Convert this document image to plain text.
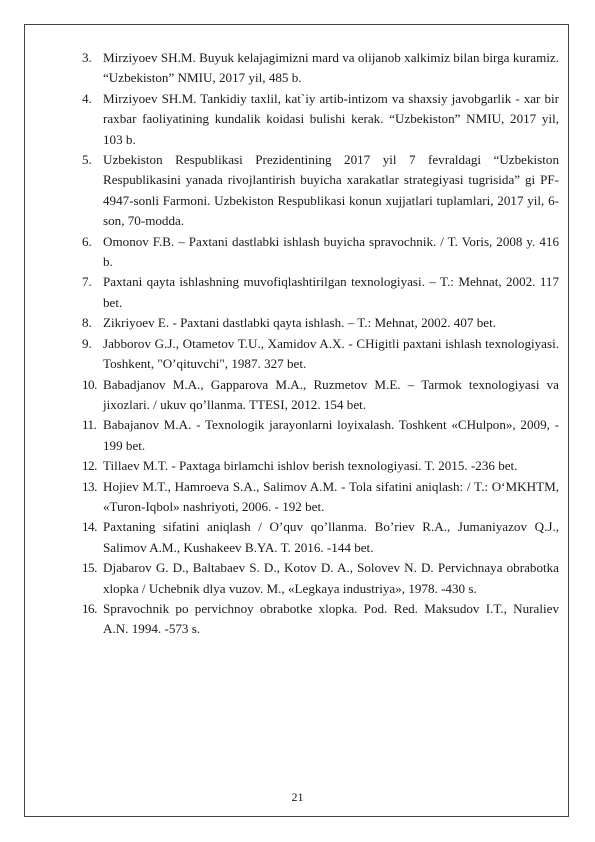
3. Mirziyoev SH.M. Buyuk kelajagimizni mard va olijanob xalkimiz bilan birga kuramiz. “Uzbekiston” NMIU, 2017 yil, 485 b.
4. Mirziyoev SH.M. Tankidiy taxlil, kat`iy artib-intizom va shaxsiy javobgarlik - xar bir raxbar faoliyatining kundalik koidasi bulishi kerak. “Uzbekiston” NMIU, 2017 yil, 103 b.
5. Uzbekiston Respublikasi Prezidentining 2017 yil 7 fevraldagi “Uzbekiston Respublikasini yanada rivojlantirish buyicha xarakatlar strategiyasi tugrisida” gi PF-4947-sonli Farmoni. Uzbekiston Respublikasi konun xujjatlari tuplamlari, 2017 yil, 6-son, 70-modda.
6. Omonov F.B. – Paxtani dastlabki ishlash buyicha spravochnik. / T. Voris, 2008 y. 416 b.
7. Paxtani qayta ishlashning muvofiqlashtirilgan texnologiyasi. – T.: Mehnat, 2002. 117 bet.
8. Zikriyoev E. - Paxtani dastlabki qayta ishlash. – T.: Mehnat, 2002. 407 bet.
9. Jabborov G.J., Otametov T.U., Xamidov A.X. - CHigitli paxtani ishlash texnologiyasi. Toshkent, "O’qituvchi", 1987. 327 bet.
10. Babadjanov M.A., Gapparova M.A., Ruzmetov M.E. – Tarmok texnologiyasi va jixozlari. / ukuv qo’llanma. TTESI, 2012. 154 bet.
11. Babajanov M.A. - Texnologik jarayonlarni loyixalash. Toshkent «CHulpon», 2009, - 199 bet.
12. Tillaev M.T. - Paxtaga birlamchi ishlov berish texnologiyasi. T. 2015. -236 bet.
13. Hojiev M.T., Hamroeva S.A., Salimov A.M. - Tola sifatini aniqlash: / T.: O‘MKHTM, «Turon-Iqbol» nashriyoti, 2006. - 192 bet.
14. Paxtaning sifatini aniqlash / O’quv qo’llanma. Bo’riev R.A., Jumaniyazov Q.J., Salimov A.M., Kushakeev B.YA. T. 2016. -144 bet.
15. Djabarov G. D., Baltabaev S. D., Kotov D. A., Solovev N. D. Pervichnaya obrabotka xlopka / Uchebnik dlya vuzov. M., «Legkaya industriya», 1978. -430 s.
16. Spravochnik po pervichnoy obrabotke xlopka. Pod. Red. Maksudov I.T., Nuraliev A.N. 1994. -573 s.
21
